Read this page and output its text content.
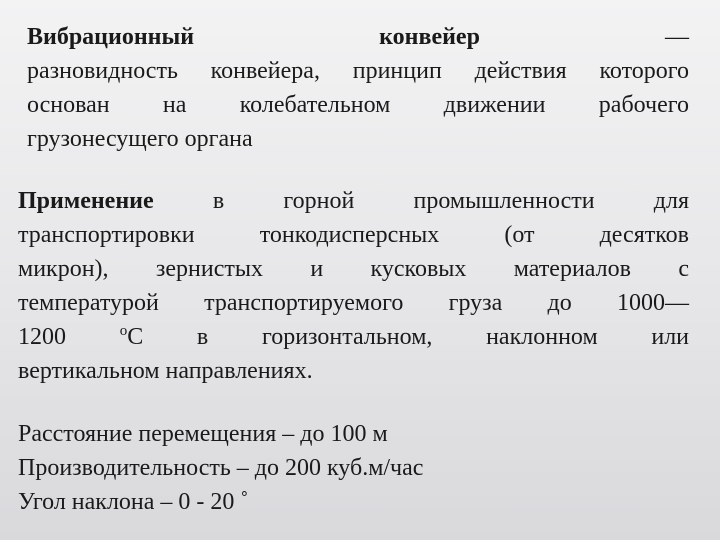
Вибрационный	конвейер	—
разновидность конвейера, принцип действия которого
основан на колебательном движении рабочего
грузонесущего органа
Применение в горной промышленности для
транспортировки тонкодисперсных (от десятков
микрон), зернистых и кусковых материалов с
температурой транспортируемого груза до 1000—
1200	$^о$С в горизонтальном, наклонном или
вертикальном направлениях.
Расстояние перемещения – до 100 м
Производительность – до 200 куб.м/час
Угол наклона – 0 - 20 ˚
